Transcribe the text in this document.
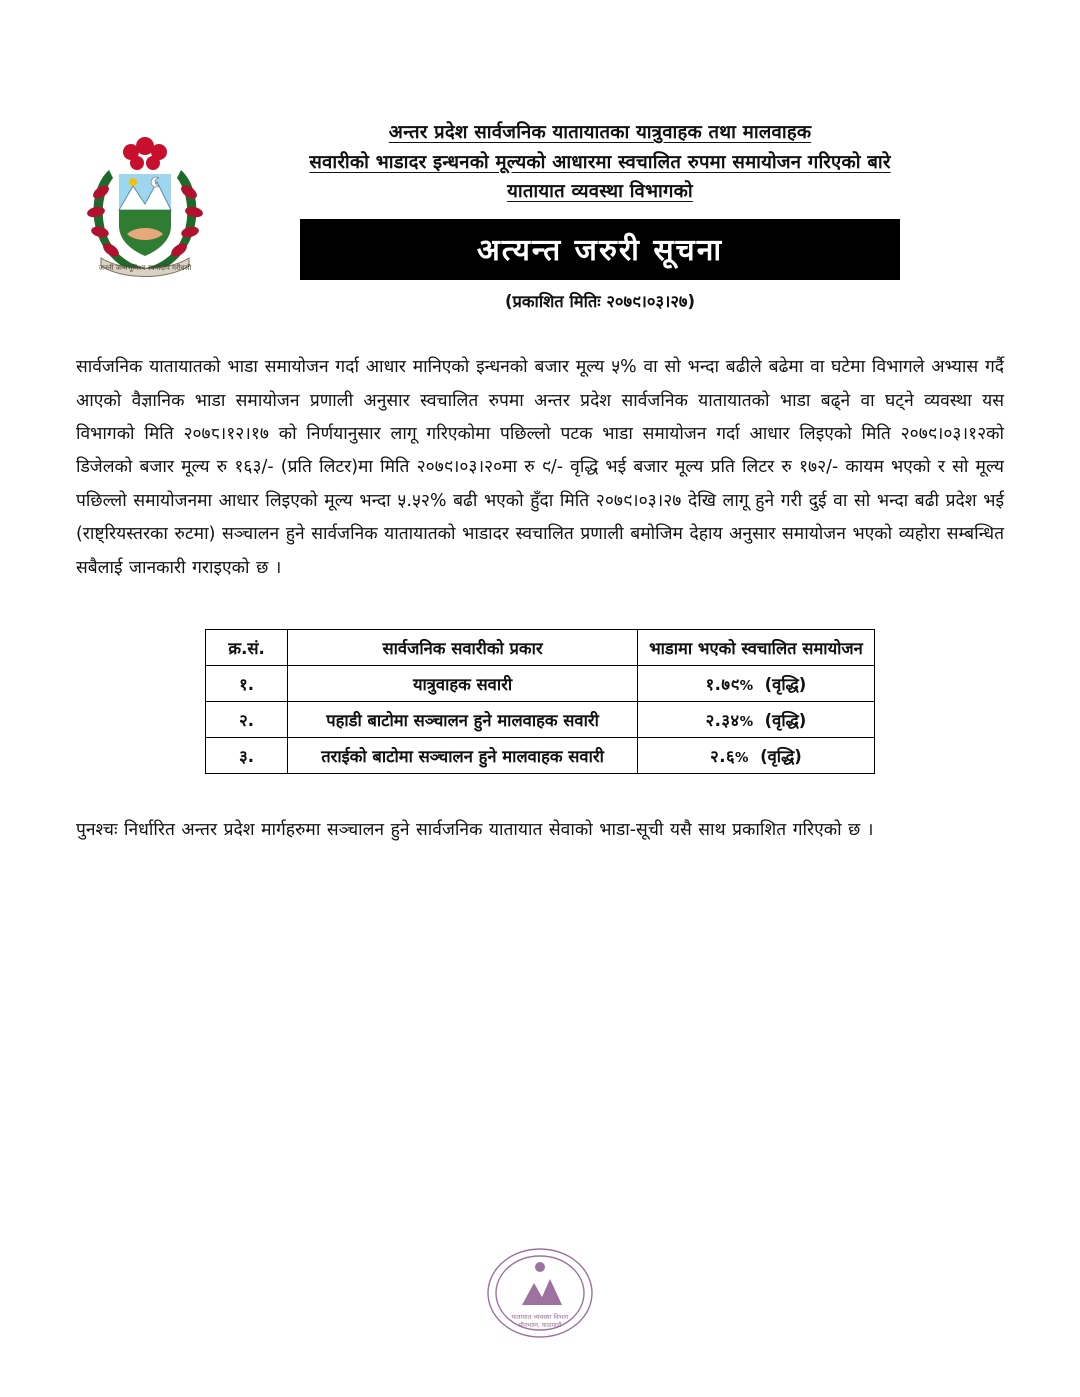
जननी जन्मभूमिश्च स्वर्गादपि गरीयसी
अन्तर प्रदेश सार्वजनिक यातायातका यात्रुवाहक तथा मालवाहक
सवारीको भाडादर इन्धनको मूल्यको आधारमा स्वचालित रुपमा समायोजन गरिएको बारे
यातायात व्यवस्था विभागको
अत्यन्त जरुरी सूचना
(प्रकाशित मितिः २०७९।०३।२७)

सार्वजनिक यातायातको भाडा समायोजन गर्दा आधार मानिएको इन्धनको बजार मूल्य ५% वा सो भन्दा बढीले बढेमा वा घटेमा विभागले अभ्यास गर्दै आएको वैज्ञानिक भाडा समायोजन प्रणाली अनुसार स्वचालित रुपमा अन्तर प्रदेश सार्वजनिक यातायातको भाडा बढ्ने वा घट्ने व्यवस्था यस विभागको मिति २०७८।१२।१७ को निर्णयानुसार लागू गरिएकोमा पछिल्लो पटक भाडा समायोजन गर्दा आधार लिइएको मिति २०७९।०३।१२को डिजेलको बजार मूल्य रु १६३/- (प्रति लिटर)मा मिति २०७९।०३।२०मा रु ९/- वृद्धि भई बजार मूल्य प्रति लिटर रु १७२/- कायम भएको र सो मूल्य पछिल्लो समायोजनमा आधार लिइएको मूल्य भन्दा ५.५२% बढी भएको हुँदा मिति २०७९।०३।२७ देखि लागू हुने गरी दुई वा सो भन्दा बढी प्रदेश भई (राष्ट्रियस्तरका रुटमा) सञ्चालन हुने सार्वजनिक यातायातको भाडादर स्वचालित प्रणाली बमोजिम देहाय अनुसार समायोजन भएको व्यहोरा सम्बन्धित सबैलाई जानकारी गराइएको छ ।

क्र.सं.	सार्वजनिक सवारीको प्रकार	भाडामा भएको स्वचालित समायोजन
१.	यात्रुवाहक सवारी	१.७९% (वृद्धि)
२.	पहाडी बाटोमा सञ्चालन हुने मालवाहक सवारी	२.३४% (वृद्धि)
३.	तराईको बाटोमा सञ्चालन हुने मालवाहक सवारी	२.६% (वृद्धि)
पुनश्चः निर्धारित अन्तर प्रदेश मार्गहरुमा सञ्चालन हुने सार्वजनिक यातायात सेवाको भाडा-सूची यसै साथ प्रकाशित गरिएको छ ।
यातायात व्यवस्था विभाग
मीनभवन, काठमाडौं
